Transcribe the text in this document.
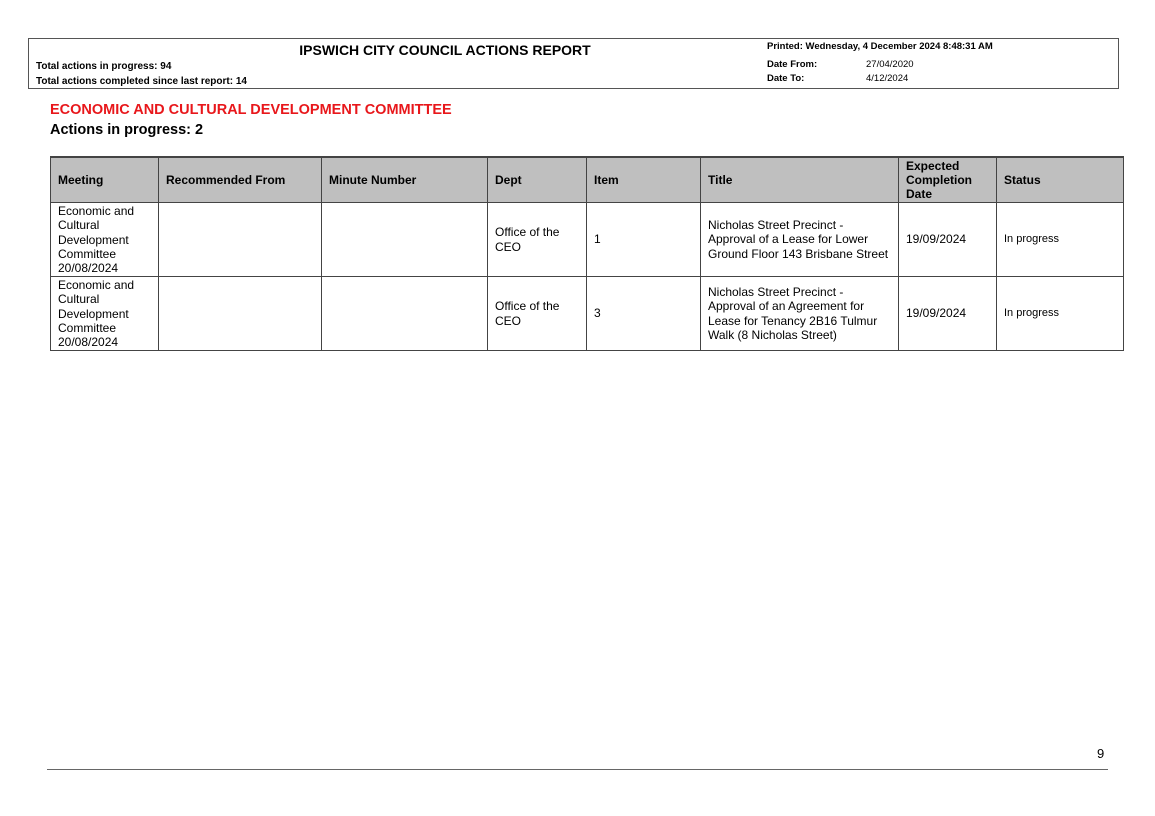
IPSWICH CITY COUNCIL ACTIONS REPORT
Total actions in progress: 94
Total actions completed since last report: 14
Printed: Wednesday, 4 December 2024 8:48:31 AM
Date From:	27/04/2020
Date To:	4/12/2024
ECONOMIC AND CULTURAL DEVELOPMENT COMMITTEE
Actions in progress: 2
Meeting	Recommended From	Minute Number	Dept	Item	Title	Expected Completion Date	Status
Economic and Cultural Development Committee 20/08/2024			Office of the CEO	1	Nicholas Street Precinct - Approval of a Lease for Lower Ground Floor 143 Brisbane Street	19/09/2024	In progress
Economic and Cultural Development Committee 20/08/2024			Office of the CEO	3	Nicholas Street Precinct - Approval of an Agreement for Lease for Tenancy 2B16 Tulmur Walk (8 Nicholas Street)	19/09/2024	In progress
9
